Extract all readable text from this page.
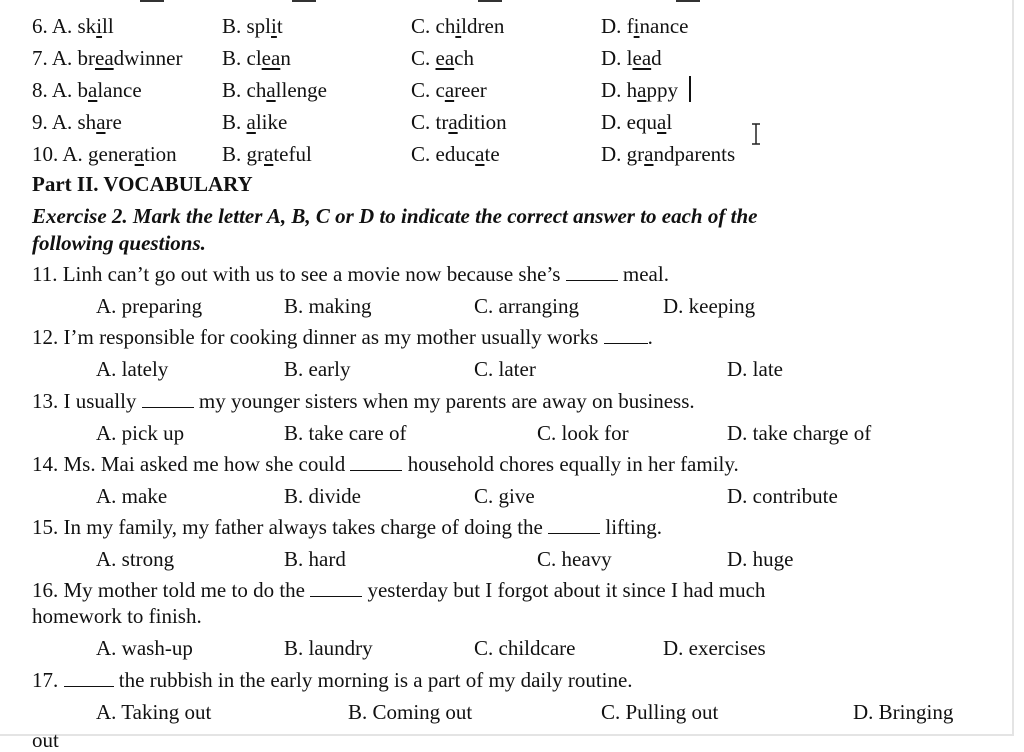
6. A. skill	B. split	C. children	D. finance
7. A. breadwinner B. clean	C. each	D. lead
8. A. balance	B. challenge	C. career	D. happy
9. A. share	B. alike	C. tradition	D. equal
10. A. generation B. grateful	C. educate	D. grandparents
Part II. VOCABULARY
Exercise 2. Mark the letter A, B, C or D to indicate the correct answer to each of the
following questions.
11. Linh can’t go out with us to see a movie now because she’s  meal.
A. preparing	B. making	C. arranging	D. keeping
12. I’m responsible for cooking dinner as my mother usually works .
A. lately	B. early	C. later	D. late
13. I usually  my younger sisters when my parents are away on business.
A. pick up	B. take care of	C. look for	D. take charge of
14. Ms. Mai asked me how she could  household chores equally in her family.
A. make	B. divide	C. give	D. contribute
15. In my family, my father always takes charge of doing the  lifting.
A. strong	B. hard	C. heavy	D. huge
16. My mother told me to do the  yesterday but I forgot about it since I had much
homework to finish.
A. wash-up	B. laundry	C. childcare	D. exercises
17.  the rubbish in the early morning is a part of my daily routine.
A. Taking out	B. Coming out	C. Pulling out	D. Bringing
out
